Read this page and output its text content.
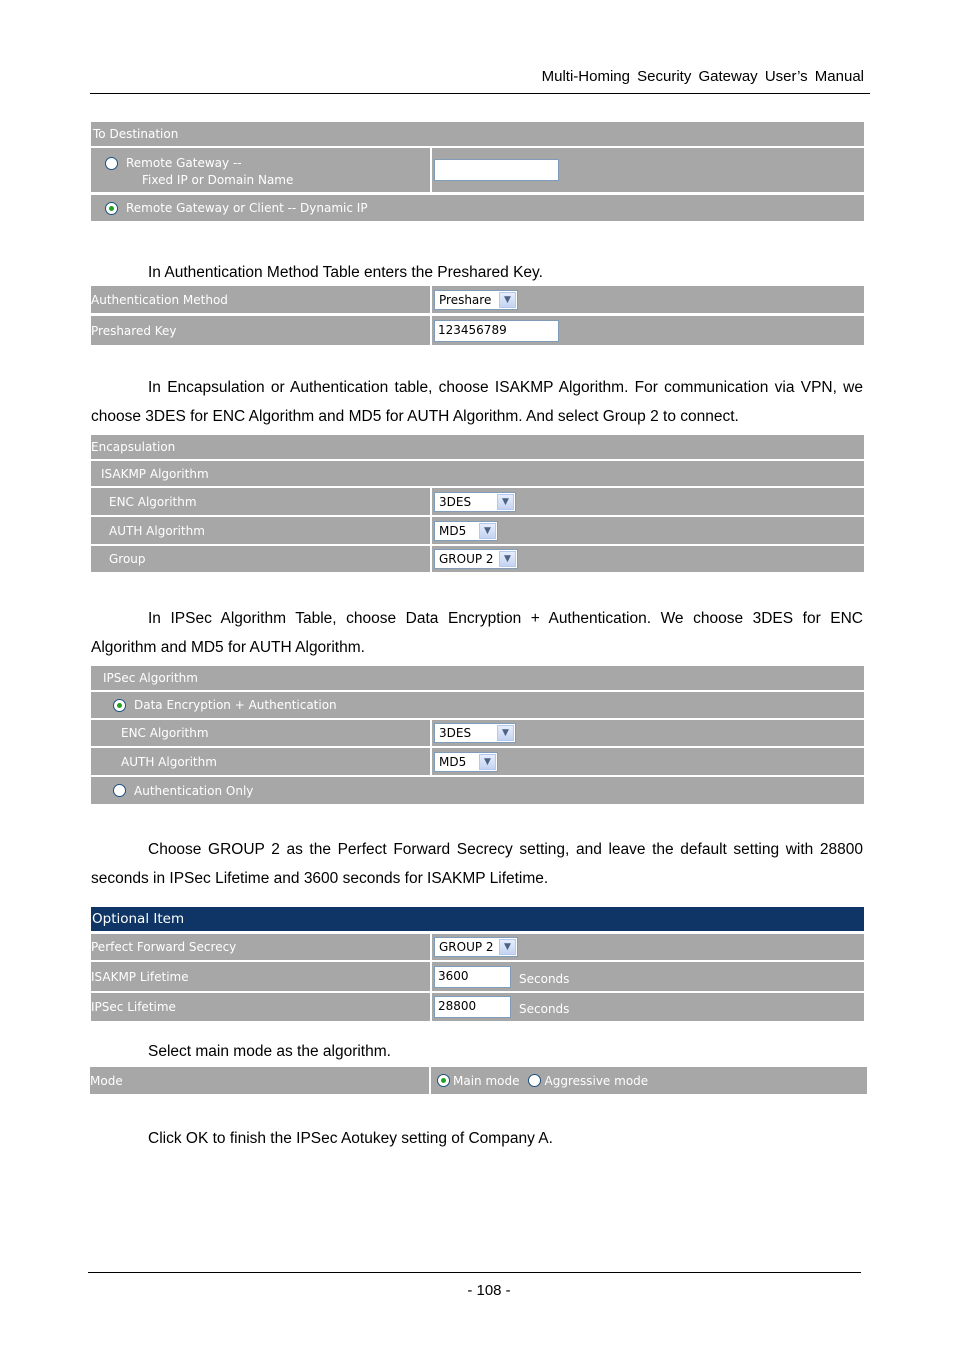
Multi-Homing Security Gateway User’s Manual
To Destination
Remote Gateway --
Fixed IP or Domain Name
Remote Gateway or Client -- Dynamic IP
In Authentication Method Table enters the Preshared Key.
Authentication Method	Preshare	▼
Preshared Key	123456789
In Encapsulation or Authentication table, choose ISAKMP Algorithm. For communication via VPN, we choose 3DES for ENC Algorithm and MD5 for AUTH Algorithm. And select Group 2 to connect.
Encapsulation
ISAKMP Algorithm
ENC Algorithm	3DES	▼
AUTH Algorithm	MD5	▼
Group	GROUP 2	▼
In IPSec Algorithm Table, choose Data Encryption + Authentication. We choose 3DES for ENC Algorithm and MD5 for AUTH Algorithm.
IPSec Algorithm
Data Encryption + Authentication
ENC Algorithm	3DES	▼
AUTH Algorithm	MD5	▼
Authentication Only
Choose GROUP 2 as the Perfect Forward Secrecy setting, and leave the default setting with 28800 seconds in IPSec Lifetime and 3600 seconds for ISAKMP Lifetime.
Optional Item
Perfect Forward Secrecy	GROUP 2	▼
ISAKMP Lifetime	3600	Seconds
IPSec Lifetime	28800	Seconds
Select main mode as the algorithm.
Mode	Main mode Aggressive mode
Click OK to finish the IPSec Aotukey setting of Company A.
- 108 -
